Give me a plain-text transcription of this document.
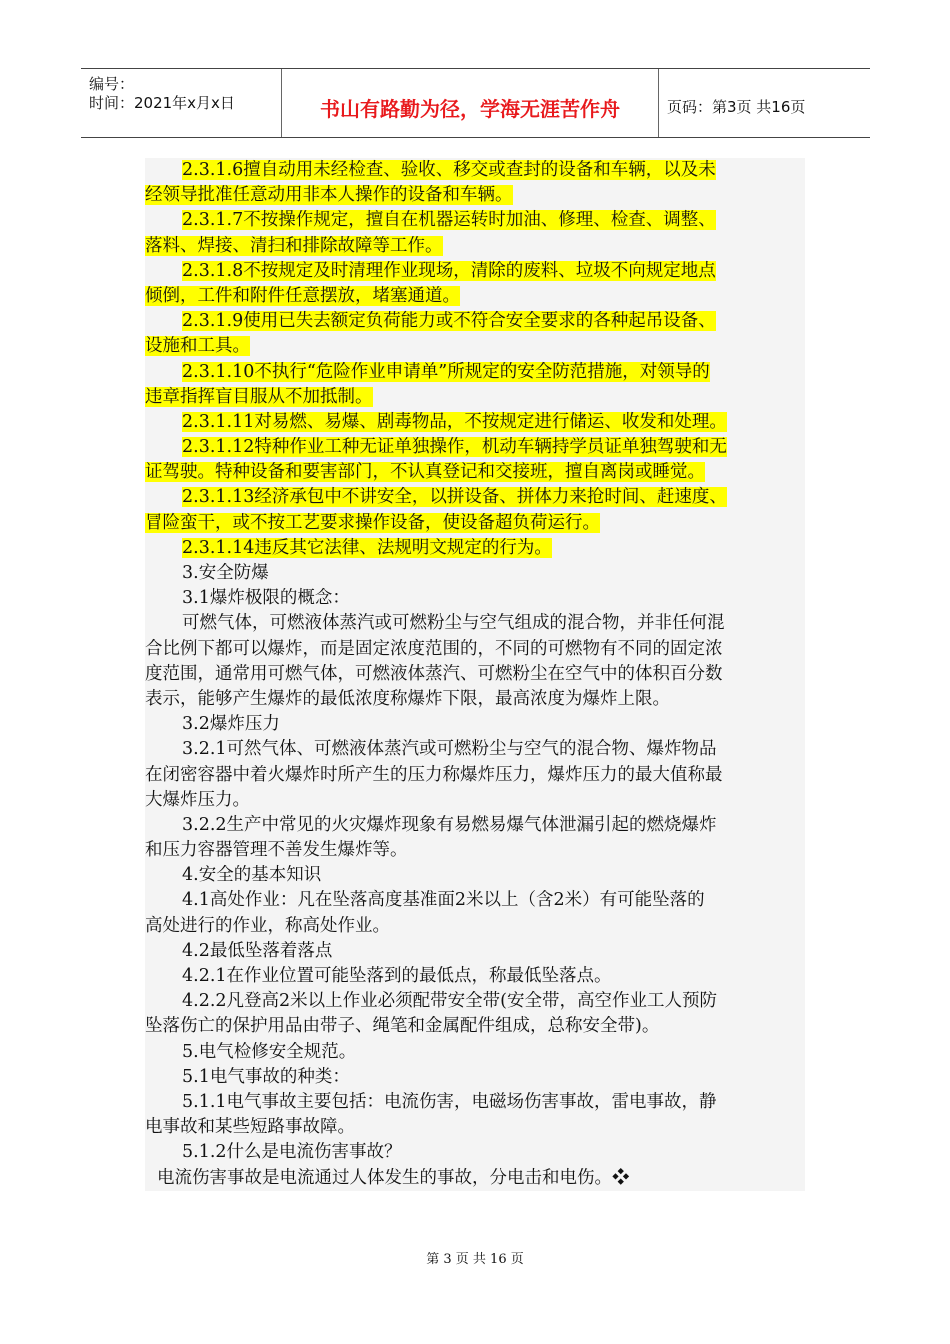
编号：
时间：2021年x月x日	书山有路勤为径，学海无涯苦作舟	页码：第3页 共16页
2.3.1.6擅自动用未经检查、验收、移交或查封的设备和车辆，以及未
经领导批准任意动用非本人操作的设备和车辆。
2.3.1.7不按操作规定，擅自在机器运转时加油、修理、检查、调整、
落料、焊接、清扫和排除故障等工作。
2.3.1.8不按规定及时清理作业现场，清除的废料、垃圾不向规定地点
倾倒，工件和附件任意摆放，堵塞通道。
2.3.1.9使用已失去额定负荷能力或不符合安全要求的各种起吊设备、
设施和工具。
2.3.1.10不执行“危险作业申请单”所规定的安全防范措施，对领导的
违章指挥盲目服从不加抵制。
2.3.1.11对易燃、易爆、剧毒物品，不按规定进行储运、收发和处理。
2.3.1.12特种作业工种无证单独操作，机动车辆持学员证单独驾驶和无
证驾驶。特种设备和要害部门，不认真登记和交接班，擅自离岗或睡觉。
2.3.1.13经济承包中不讲安全，以拼设备、拼体力来抢时间、赶速度、
冒险蛮干，或不按工艺要求操作设备，使设备超负荷运行。
2.3.1.14违反其它法律、法规明文规定的行为。
3.安全防爆
3.1爆炸极限的概念：
可燃气体，可燃液体蒸汽或可燃粉尘与空气组成的混合物，并非任何混
合比例下都可以爆炸，而是固定浓度范围的，不同的可燃物有不同的固定浓
度范围，通常用可燃气体，可燃液体蒸汽、可燃粉尘在空气中的体积百分数
表示，能够产生爆炸的最低浓度称爆炸下限，最高浓度为爆炸上限。
3.2爆炸压力
3.2.1可然气体、可燃液体蒸汽或可燃粉尘与空气的混合物、爆炸物品
在闭密容器中着火爆炸时所产生的压力称爆炸压力，爆炸压力的最大值称最
大爆炸压力。
3.2.2生产中常见的火灾爆炸现象有易燃易爆气体泄漏引起的燃烧爆炸
和压力容器管理不善发生爆炸等。
4.安全的基本知识
4.1高处作业：凡在坠落高度基准面2米以上（含2米）有可能坠落的
高处进行的作业，称高处作业。
4.2最低坠落着落点
4.2.1在作业位置可能坠落到的最低点，称最低坠落点。
4.2.2凡登高2米以上作业必须配带安全带(安全带，高空作业工人预防
坠落伤亡的保护用品由带子、绳笔和金属配件组成，总称安全带)。
5.电气检修安全规范。
5.1电气事故的种类：
5.1.1电气事故主要包括：电流伤害，电磁场伤害事故，雷电事故，静
电事故和某些短路事故障。
5.1.2什么是电流伤害事故？
电流伤害事故是电流通过人体发生的事故，分电击和电伤。❖
第 3 页 共 16 页
